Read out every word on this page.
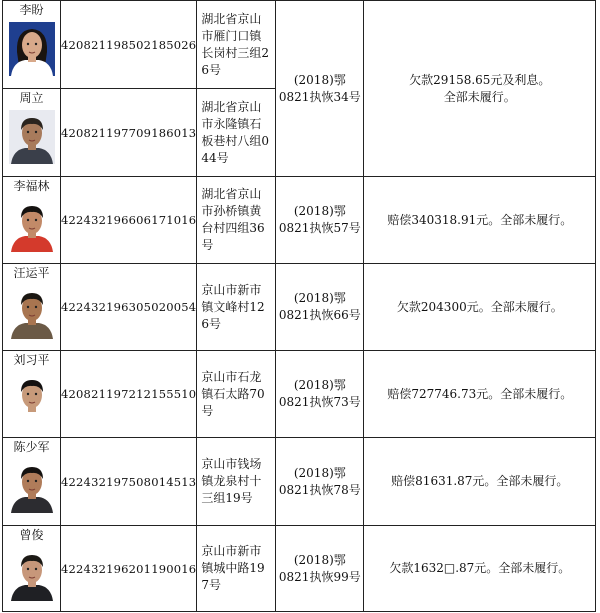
李盼	420821198502185026	湖北省京山市雁门口镇长岗村三组26号	(2018)鄂
0821执恢34号	欠款29158.65元及利息。
全部未履行。

周立	420821197709186013	湖北省京山市永隆镇石板巷村八组044号		

李福林	422432196606171016	湖北省京山市孙桥镇黄台村四组36号	(2018)鄂
0821执恢57号	赔偿340318.91元。全部未履行。

汪运平	422432196305020054	京山市新市镇文峰村126号	(2018)鄂
0821执恢66号	欠款204300元。全部未履行。

刘习平	420821197212155510	京山市石龙镇石太路70号	(2018)鄂
0821执恢73号	赔偿727746.73元。全部未履行。

陈少军	422432197508014513	京山市钱场镇龙泉村十三组19号	(2018)鄂
0821执恢78号	赔偿81631.87元。全部未履行。

曾俊	422432196201190016	京山市新市镇城中路197号	(2018)鄂
0821执恢99号	欠款1632□.87元。全部未履行。
